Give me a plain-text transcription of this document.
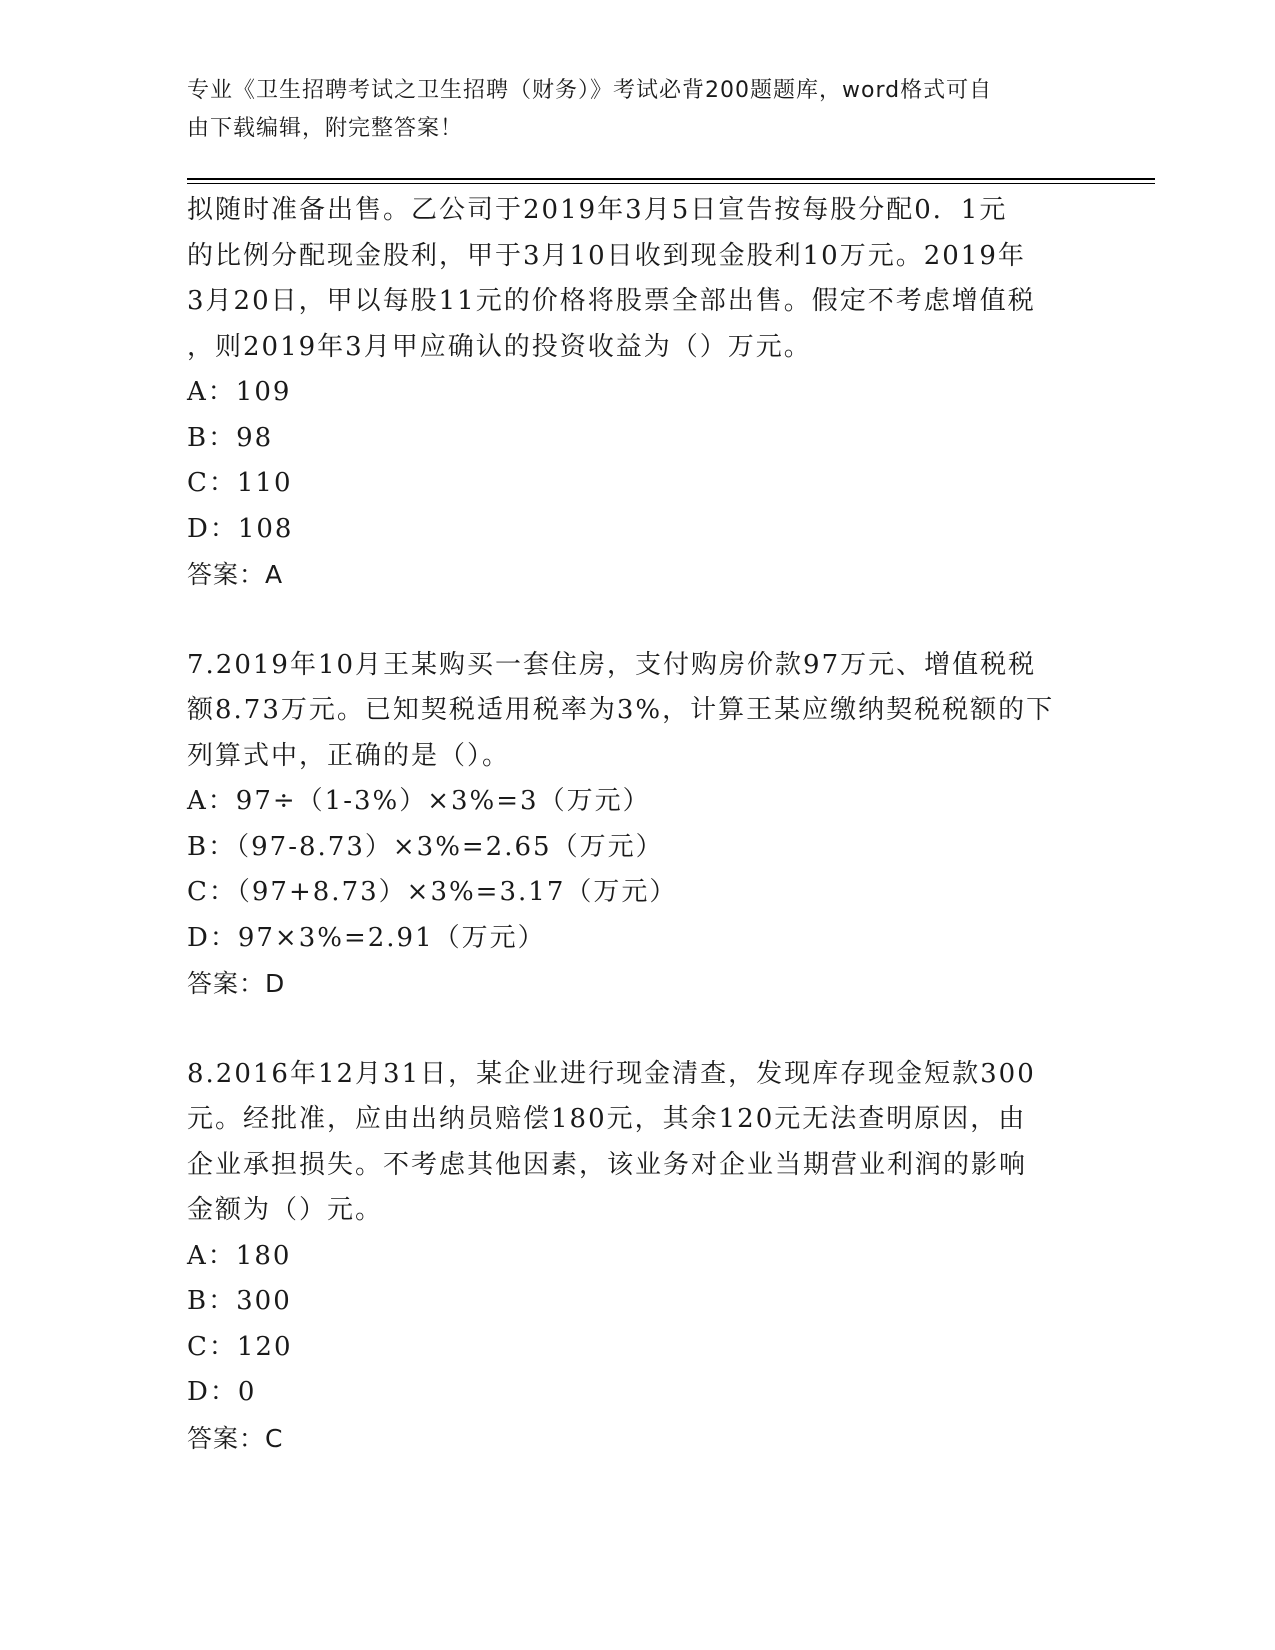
专业《卫生招聘考试之卫生招聘（财务）》考试必背200题题库，word格式可自
由下载编辑，附完整答案！

拟随时准备出售。乙公司于2019年3月5日宣告按每股分配0．1元

的比例分配现金股利，甲于3月10日收到现金股利10万元。2019年

3月20日，甲以每股11元的价格将股票全部出售。假定不考虑增值税

，则2019年3月甲应确认的投资收益为（）万元。

A：109

B：98

C：110

D：108

答案：A

7.2019年10月王某购买一套住房，支付购房价款97万元、增值税税

额8.73万元。已知契税适用税率为3%，计算王某应缴纳契税税额的下

列算式中，正确的是（）。

A：97÷（1-3%）×3%=3（万元）

B：（97-8.73）×3%=2.65（万元）

C：（97+8.73）×3%=3.17（万元）

D：97×3%=2.91（万元）

答案：D

8.2016年12月31日，某企业进行现金清查，发现库存现金短款300

元。经批准，应由出纳员赔偿180元，其余120元无法查明原因，由

企业承担损失。不考虑其他因素，该业务对企业当期营业利润的影响

金额为（）元。

A：180

B：300

C：120

D：0

答案：C
